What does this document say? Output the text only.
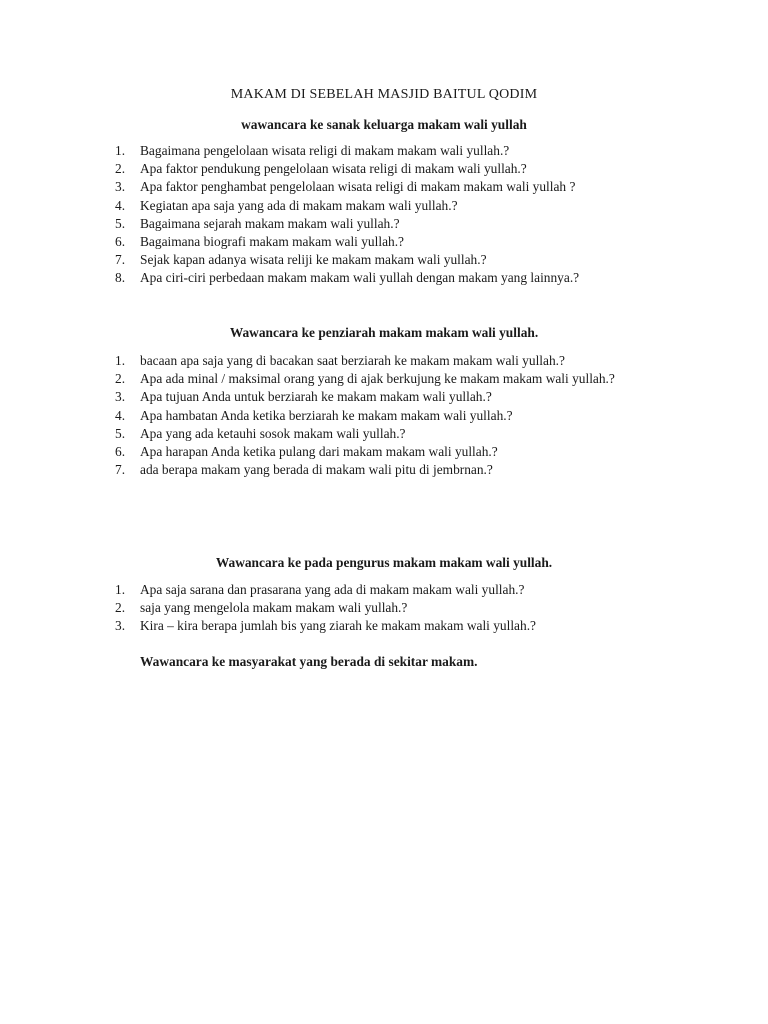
MAKAM DI SEBELAH MASJID BAITUL QODIM
wawancara ke sanak keluarga makam wali yullah
1. Bagaimana pengelolaan wisata religi di makam makam wali yullah.?
2. Apa faktor pendukung pengelolaan wisata religi di makam wali yullah.?
3. Apa faktor penghambat pengelolaan wisata religi di makam makam wali yullah ?
4. Kegiatan apa saja yang ada di makam makam wali yullah.?
5. Bagaimana sejarah makam makam wali yullah.?
6. Bagaimana biografi makam makam wali yullah.?
7. Sejak kapan adanya wisata reliji ke makam makam wali yullah.?
8. Apa ciri-ciri perbedaan makam makam wali yullah dengan makam yang lainnya.?
Wawancara ke penziarah makam makam wali yullah.
1. bacaan apa saja yang di bacakan saat berziarah ke makam makam wali yullah.?
2. Apa ada minal / maksimal orang yang di ajak berkujung ke makam makam wali yullah.?
3. Apa tujuan Anda untuk berziarah ke makam makam wali yullah.?
4. Apa hambatan Anda ketika berziarah ke makam makam wali yullah.?
5. Apa yang ada ketauhi sosok makam wali yullah.?
6. Apa harapan Anda ketika pulang dari makam makam wali yullah.?
7. ada berapa makam yang berada di makam wali pitu di jembrnan.?
Wawancara ke pada pengurus makam makam wali yullah.
1. Apa saja sarana dan prasarana yang ada di makam makam wali yullah.?
2. saja yang mengelola makam makam wali yullah.?
3. Kira – kira berapa jumlah bis yang ziarah ke makam makam wali yullah.?
Wawancara ke masyarakat yang berada di sekitar makam.
